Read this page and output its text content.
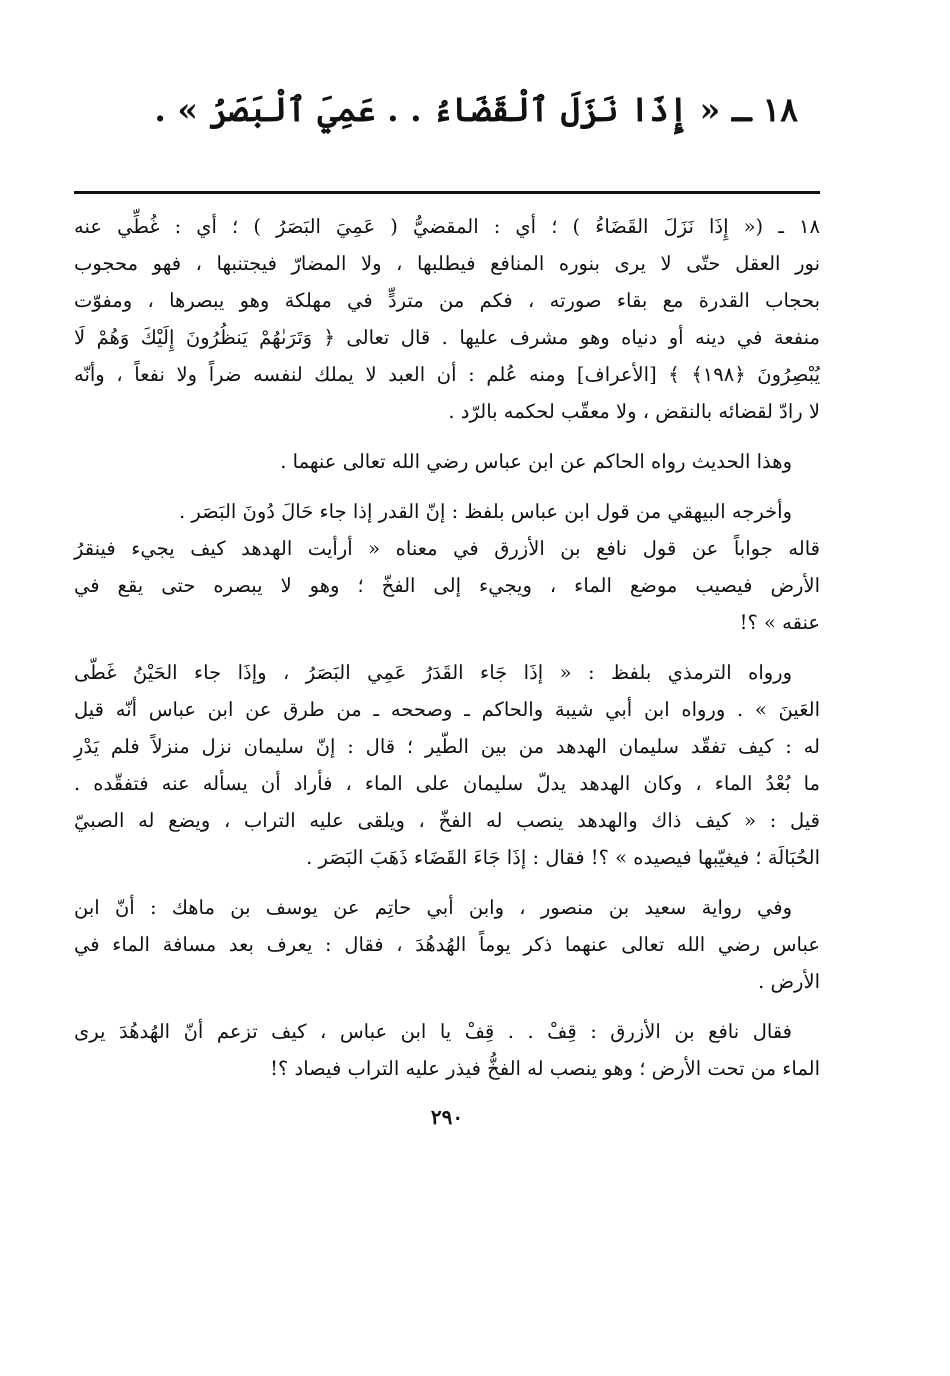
١٨ ـ « إِذَا نَزَلَ ٱلْقَضَاءُ . . عَمِيَ ٱلْبَصَرُ » .
١٨ ـ (« إِذَا نَزَلَ القَضَاءُ ) ؛ أي : المقضيُّ ( عَمِيَ البَصَرُ ) ؛ أي : غُطِّي عنه
نور العقل حتّى لا يرى بنوره المنافع فيطلبها ، ولا المضارّ فيجتنبها ، فهو محجوب
بحجاب القدرة مع بقاء صورته ، فكم من متردٍّ في مهلكة وهو يبصرها ، ومفوّت
منفعة في دينه أو دنياه وهو مشرف عليها . قال تعالى ﴿ وَتَرَىٰهُمْ يَنظُرُونَ إِلَيْكَ وَهُمْ لَا
يُبْصِرُونَ ﴿١٩٨﴾ ﴾ [الأعراف] ومنه عُلم : أن العبد لا يملك لنفسه ضراً ولا نفعاً ، وأنّه
لا رادّ لقضائه بالنقض ، ولا معقّب لحكمه بالرّد .
وهذا الحديث رواه الحاكم عن ابن عباس رضي الله تعالى عنهما .
وأخرجه البيهقي من قول ابن عباس بلفظ : إنّ القدر إذا جاء حَالَ دُونَ البَصَر .
قاله جواباً عن قول نافع بن الأزرق في معناه « أرأيت الهدهد كيف يجيء فينقرُ
الأرض فيصيب موضع الماء ، ويجيء إلى الفخّ ؛ وهو لا يبصره حتى يقع في
عنقه » ؟!
ورواه الترمذي بلفظ : « إذَا جَاء القَدَرُ عَمِي البَصَرُ ، وإذَا جاء الحَيْنُ غَطّى
العَينَ » . ورواه ابن أبي شيبة والحاكم ـ وصححه ـ من طرق عن ابن عباس أنّه قيل
له : كيف تفقّد سليمان الهدهد من بين الطّير ؛ قال : إنّ سليمان نزل منزلاً فلم يَدْرِ
ما بُعْدُ الماء ، وكان الهدهد يدلّ سليمان على الماء ، فأراد أن يسأله عنه فتفقّده .
قيل : « كيف ذاك والهدهد ينصب له الفخّ ، ويلقى عليه التراب ، ويضع له الصبيّ
الحُبَالَة ؛ فيغيّبها فيصيده » ؟! فقال : إذَا جَاءَ القَضَاء ذَهَبَ البَصَر .
وفي رواية سعيد بن منصور ، وابن أبي حاتِم عن يوسف بن ماهك : أنّ ابن
عباس رضي الله تعالى عنهما ذكر يوماً الهُدهُدَ ، فقال : يعرف بعد مسافة الماء في
الأرض .
فقال نافع بن الأزرق : قِفْ . . قِفْ يا ابن عباس ، كيف تزعم أنّ الهُدهُدَ يرى
الماء من تحت الأرض ؛ وهو ينصب له الفخُّ فيذر عليه التراب فيصاد ؟!
٢٩٠
